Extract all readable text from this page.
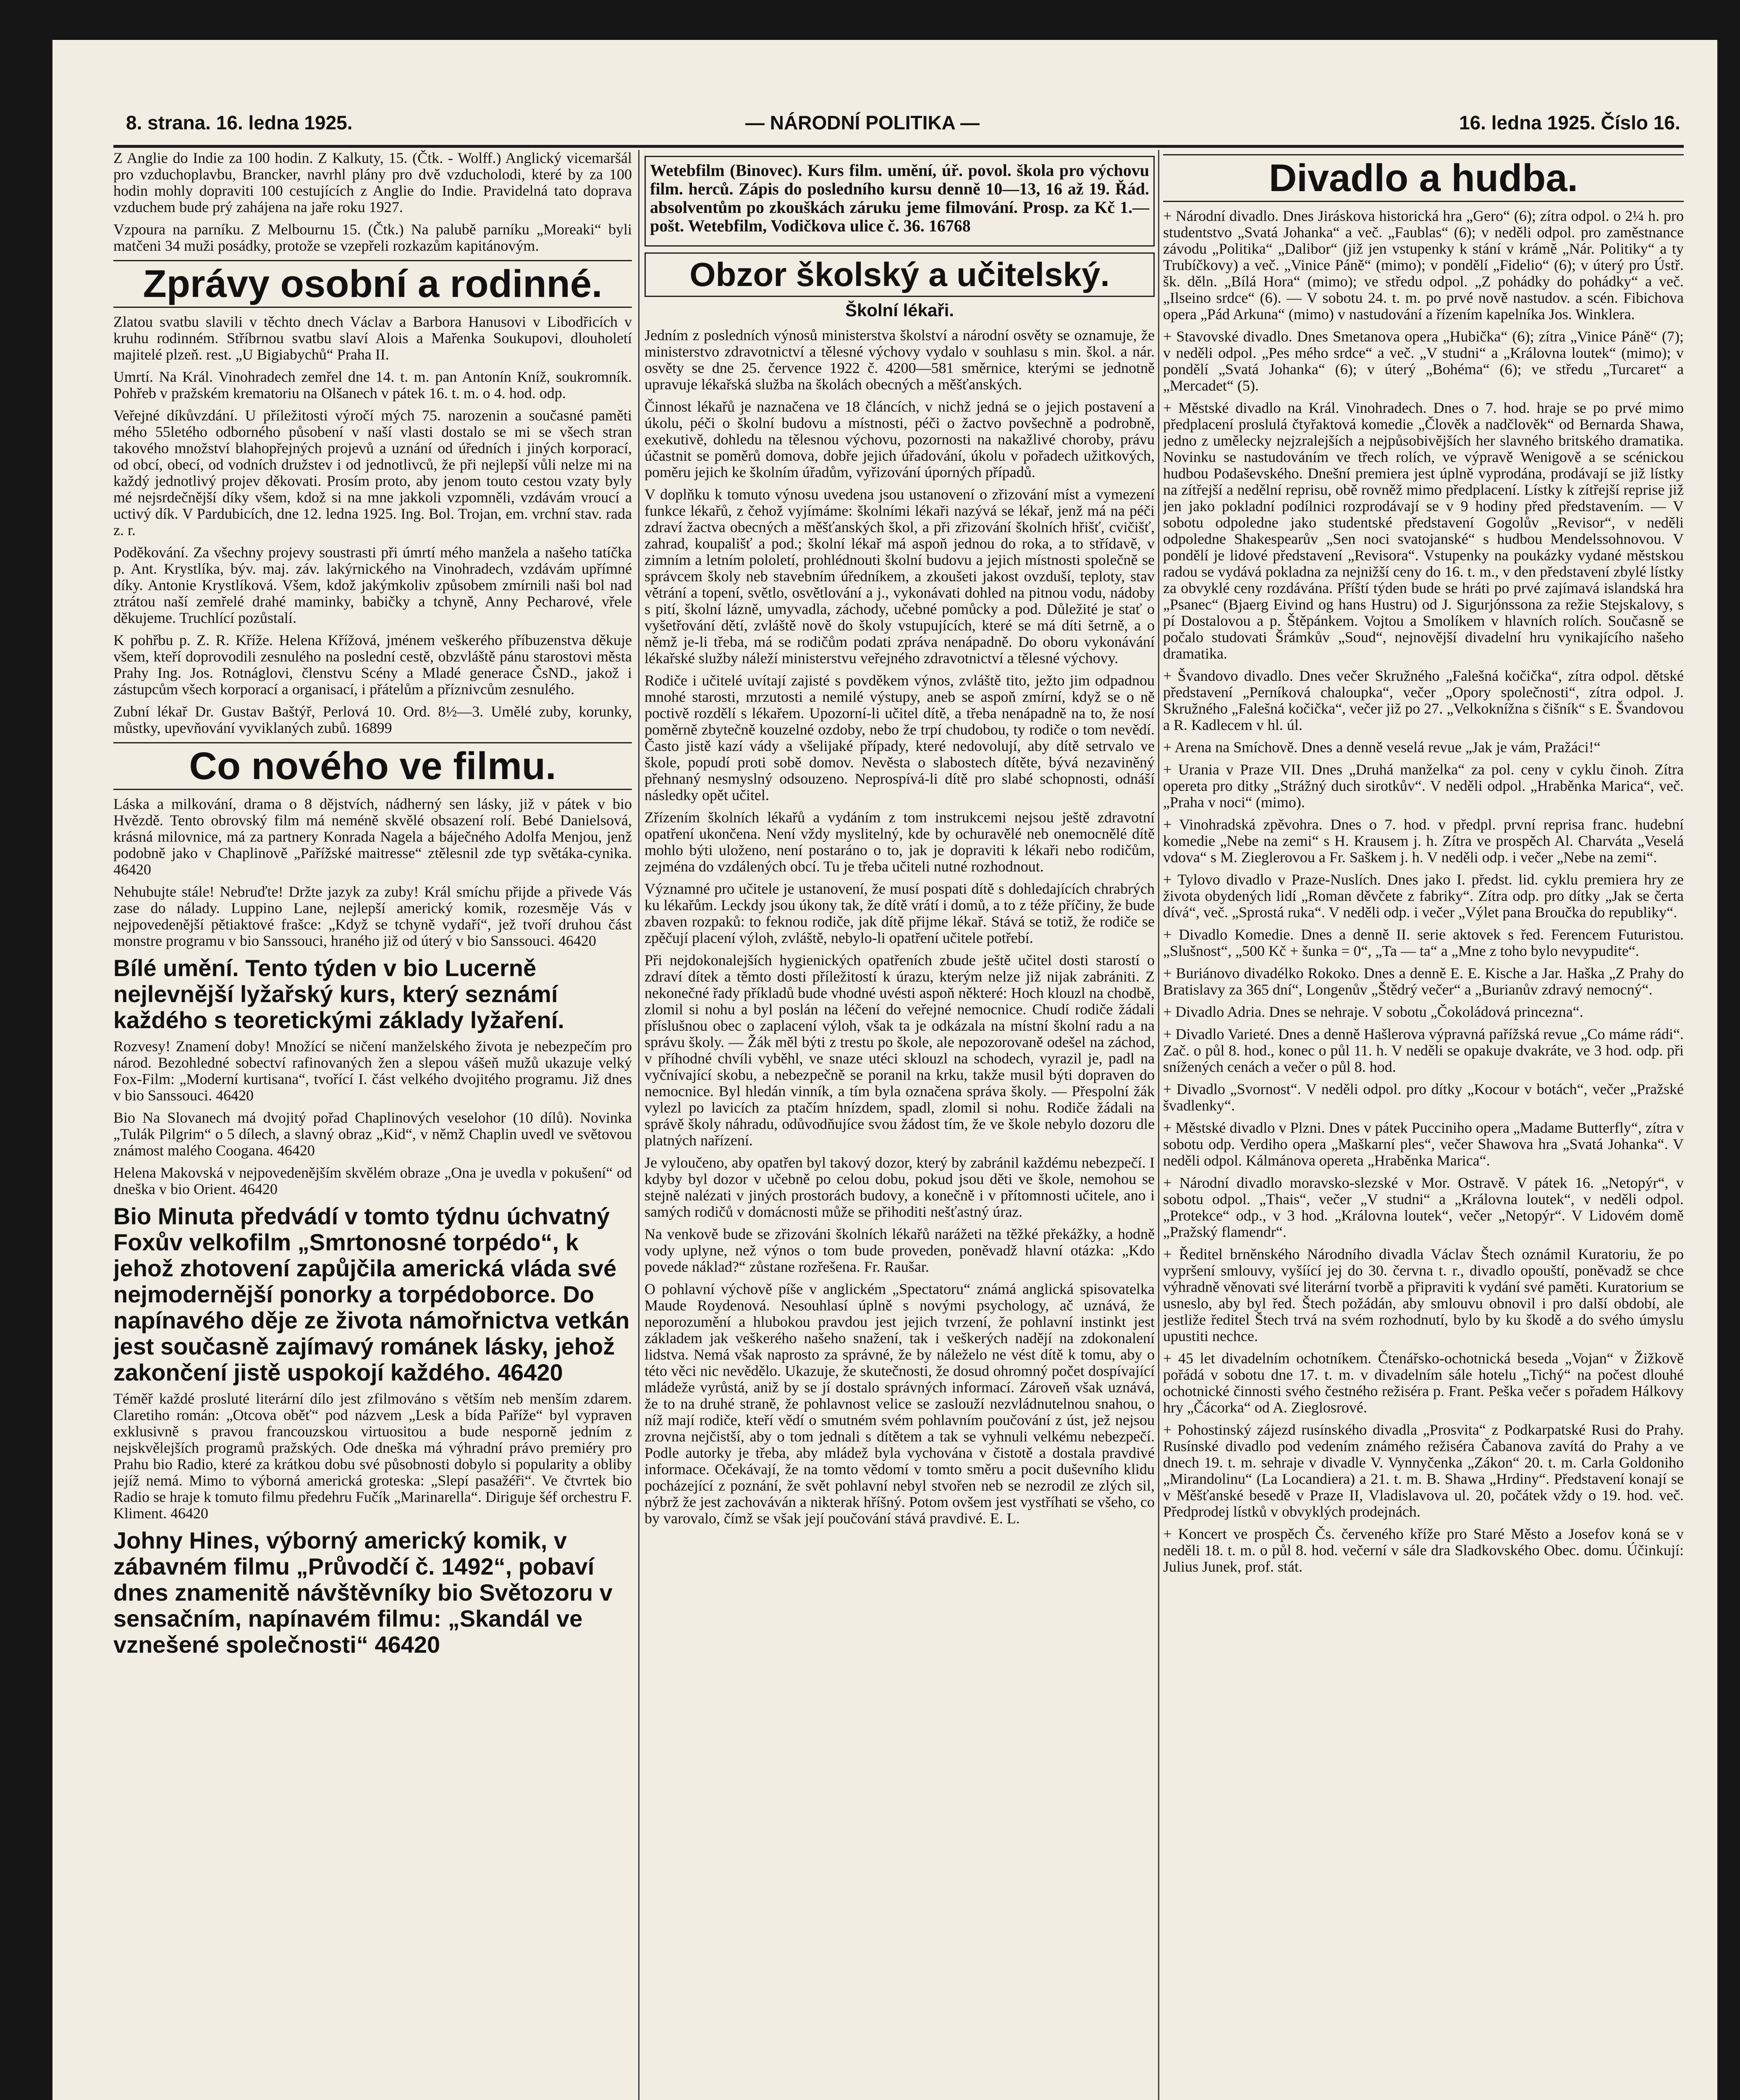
8. strana. 16. ledna 1925.	— NÁRODNÍ POLITIKA —	16. ledna 1925. Číslo 16.

Z Anglie do Indie za 100 hodin. Z Kalkuty, 15. (Čtk. - Wolff.) Anglický vicemaršál pro vzduchoplavbu, Brancker, navrhl plány pro dvě vzducholodi, které by za 100 hodin mohly dopraviti 100 cestujících z Anglie do Indie. Pravidelná tato doprava vzduchem bude prý zahájena na jaře roku 1927.

Vzpoura na parníku. Z Melbournu 15. (Čtk.) Na palubě parníku „Moreaki“ byli matčeni 34 muži posádky, protože se vzepřeli rozkazům kapitánovým.

Zprávy osobní a rodinné.

Zlatou svatbu slavili v těchto dnech Václav a Barbora Hanusovi v Libodřicích v kruhu rodinném. Stříbrnou svatbu slaví Alois a Mařenka Soukupovi, dlouholetí majitelé plzeň. rest. „U Bigiabychů“ Praha II.

Umrtí. Na Král. Vinohradech zemřel dne 14. t. m. pan Antonín Kníž, soukromník. Pohřeb v pražském krematoriu na Olšanech v pátek 16. t. m. o 4. hod. odp.

Veřejné díkůvzdání. U příležitosti výročí mých 75. narozenin a současné paměti mého 55letého odborného působení v naší vlasti dostalo se mi se všech stran takového množství blahopřejných projevů a uznání od úředních i jiných korporací, od obcí, obecí, od vodních družstev i od jednotlivců, že při nejlepší vůli nelze mi na každý jednotlivý projev děkovati. Prosím proto, aby jenom touto cestou vzaty byly mé nejsrdečnější díky všem, kdož si na mne jakkoli vzpomněli, vzdávám vroucí a uctivý dík. V Pardubicích, dne 12. ledna 1925. Ing. Bol. Trojan, em. vrchní stav. rada z. r.

Poděkování. Za všechny projevy soustrasti při úmrtí mého manžela a našeho tatíčka p. Ant. Krystlíka, býv. maj. záv. lakýrnického na Vinohradech, vzdávám upřímné díky. Antonie Krystlíková. Všem, kdož jakýmkoliv způsobem zmírnili naši bol nad ztrátou naší zemřelé drahé maminky, babičky a tchyně, Anny Pecharové, vřele děkujeme. Truchlící pozůstalí.

K pohřbu p. Z. R. Kříže. Helena Křížová, jménem veškerého příbuzenstva děkuje všem, kteří doprovodili zesnulého na poslední cestě, obzvláště pánu starostovi města Prahy Ing. Jos. Rotnáglovi, členstvu Scény a Mladé generace ČsND., jakož i zástupcům všech korporací a organisací, i přátelům a příznivcům zesnulého.

Zubní lékař Dr. Gustav Baštýř, Perlová 10. Ord. 8½—3. Umělé zuby, korunky, můstky, upevňování vyviklaných zubů. 16899

Co nového ve filmu.

Láska a milkování, drama o 8 dějstvích, nádherný sen lásky, již v pátek v bio Hvězdě. Tento obrovský film má neméně skvělé obsazení rolí. Bebé Danielsová, krásná milovnice, má za partnery Konrada Nagela a báječného Adolfa Menjou, jenž podobně jako v Chaplinově „Pařížské maitresse“ ztělesnil zde typ světáka-cynika. 46420

Nehubujte stále! Nebruďte! Držte jazyk za zuby! Král smíchu přijde a přivede Vás zase do nálady. Luppino Lane, nejlepší americký komik, rozesměje Vás v nejpovedenější pětiaktové frašce: „Když se tchyně vydaří“, jež tvoří druhou část monstre programu v bio Sanssouci, hraného již od úterý v bio Sanssouci. 46420

Bílé umění. Tento týden v bio Lucerně nejlevnější lyžařský kurs, který seznámí každého s teoretickými základy lyžaření.

Rozvesy! Znamení doby! Množící se ničení manželského života je nebezpečím pro národ. Bezohledné sobectví rafinovaných žen a slepou vášeň mužů ukazuje velký Fox-Film: „Moderní kurtisana“, tvořící I. část velkého dvojitého programu. Již dnes v bio Sanssouci. 46420

Bio Na Slovanech má dvojitý pořad Chaplinových veselohor (10 dílů). Novinka „Tulák Pilgrim“ o 5 dílech, a slavný obraz „Kid“, v němž Chaplin uvedl ve světovou známost malého Coogana. 46420

Helena Makovská v nejpovedenějším skvělém obraze „Ona je uvedla v pokušení“ od dneška v bio Orient. 46420

Bio Minuta předvádí v tomto týdnu úchvatný Foxův velkofilm „Smrtonosné torpédo“, k jehož zhotovení zapůjčila americká vláda své nejmodernější ponorky a torpédoborce. Do napínavého děje ze života námořnictva vetkán jest současně zajímavý románek lásky, jehož zakončení jistě uspokojí každého. 46420

Téměř každé prosluté literární dílo jest zfilmováno s větším neb menším zdarem. Claretiho román: „Otcova oběť“ pod názvem „Lesk a bída Paříže“ byl vypraven exklusivně s pravou francouzskou virtuositou a bude nesporně jedním z nejskvělejších programů pražských. Ode dneška má výhradní právo premiéry pro Prahu bio Radio, které za krátkou dobu své působnosti dobylo si popularity a obliby jejíž nemá. Mimo to výborná americká groteska: „Slepí pasažéři“. Ve čtvrtek bio Radio se hraje k tomuto filmu předehru Fučík „Marinarella“. Diriguje šéf orchestru F. Kliment. 46420

Johny Hines, výborný americký komik, v zábavném filmu „Průvodčí č. 1492“, pobaví dnes znamenitě návštěvníky bio Světozoru v sensačním, napínavém filmu: „Skandál ve vznešené společnosti“ 46420

Wetebfilm (Binovec). Kurs film. umění, úř. povol. škola pro výchovu film. herců. Zápis do posledního kursu denně 10—13, 16 až 19. Řád. absolventům po zkouškách záruku jeme filmování. Prosp. za Kč 1.— pošt. Wetebfilm, Vodičkova ulice č. 36. 16768

Obzor školský a učitelský.
Školní lékaři.

Jedním z posledních výnosů ministerstva školství a národní osvěty se oznamuje, že ministerstvo zdravotnictví a tělesné výchovy vydalo v souhlasu s min. škol. a nár. osvěty se dne 25. července 1922 č. 4200—581 směrnice, kterými se jednotně upravuje lékařská služba na školách obecných a měšťanských.

Činnost lékařů je naznačena ve 18 článcích, v nichž jedná se o jejich postavení a úkolu, péči o školní budovu a místnosti, péči o žactvo povšechně a podrobně, exekutivě, dohledu na tělesnou výchovu, pozornosti na nakažlivé choroby, právu účastnit se poměrů domova, dobře jejich úřadování, úkolu v pořadech užitkových, poměru jejich ke školním úřadům, vyřizování úporných případů.

V doplňku k tomuto výnosu uvedena jsou ustanovení o zřizování míst a vymezení funkce lékařů, z čehož vyjímáme: školními lékaři nazývá se lékař, jenž má na péči zdraví žactva obecných a měšťanských škol, a při zřizování školních hřišť, cvičišť, zahrad, koupališť a pod.; školní lékař má aspoň jednou do roka, a to střídavě, v zimním a letním pololetí, prohlédnouti školní budovu a jejich místnosti společně se správcem školy neb stavebním úředníkem, a zkoušeti jakost ovzduší, teploty, stav větrání a topení, světlo, osvětlování a j., vykonávati dohled na pitnou vodu, nádoby s pití, školní lázně, umyvadla, záchody, učebné pomůcky a pod. Důležité je stať o vyšetřování dětí, zvláště nově do školy vstupujících, které se má díti šetrně, a o němž je-li třeba, má se rodičům podati zpráva nenápadně. Do oboru vykonávání lékařské služby náleží ministerstvu veřejného zdravotnictví a tělesné výchovy.

Rodiče i učitelé uvítají zajisté s povděkem výnos, zvláště tito, ježto jim odpadnou mnohé starosti, mrzutosti a nemilé výstupy, aneb se aspoň zmírní, když se o ně poctivě rozdělí s lékařem. Upozorní-li učitel dítě, a třeba nenápadně na to, že nosí poměrně zbytečně kouzelné ozdoby, nebo že trpí chudobou, ty rodiče o tom nevědí. Často jistě kazí vády a všelijaké případy, které nedovolují, aby dítě setrvalo ve škole, popudí proti sobě domov. Nevěsta o slabostech dítěte, bývá nezaviněný přehnaný nesmyslný odsouzeno. Neprospívá-li dítě pro slabé schopnosti, odnáší následky opět učitel.

Zřízením školních lékařů a vydáním z tom instrukcemi nejsou ještě zdravotní opatření ukončena. Není vždy myslitelný, kde by ochuravělé neb onemocnělé dítě mohlo býti uloženo, není postaráno o to, jak je dopraviti k lékaři nebo rodičům, zejména do vzdálených obcí. Tu je třeba učiteli nutné rozhodnout.

Významné pro učitele je ustanovení, že musí pospati dítě s dohledajících chrabrých ku lékařům. Leckdy jsou úkony tak, že dítě vrátí i domů, a to z téže příčiny, že bude zbaven rozpaků: to feknou rodiče, jak dítě přijme lékař. Stává se totiž, že rodiče se zpěčují placení výloh, zvláště, nebylo-li opatření učitele potřebí.

Při nejdokonalejších hygienických opatřeních zbude ještě učitel dosti starostí o zdraví dítek a těmto dosti příležitostí k úrazu, kterým nelze již nijak zabrániti. Z nekonečné řady příkladů bude vhodné uvésti aspoň některé: Hoch klouzl na chodbě, zlomil si nohu a byl poslán na léčení do veřejné nemocnice. Chudí rodiče žádali příslušnou obec o zaplacení výloh, však ta je odkázala na místní školní radu a na správu školy. — Žák měl býti z trestu po škole, ale nepozorovaně odešel na záchod, v příhodné chvíli vyběhl, ve snaze utéci sklouzl na schodech, vyrazil je, padl na vyčnívající skobu, a nebezpečně se poranil na krku, takže musil býti dopraven do nemocnice. Byl hledán vinník, a tím byla označena správa školy. — Přespolní žák vylezl po lavicích za ptačím hnízdem, spadl, zlomil si nohu. Rodiče žádali na správě školy náhradu, odůvodňujíce svou žádost tím, že ve škole nebylo dozoru dle platných nařízení.

Je vyloučeno, aby opatřen byl takový dozor, který by zabránil každému nebezpečí. I kdyby byl dozor v učebně po celou dobu, pokud jsou děti ve škole, nemohou se stejně nalézati v jiných prostorách budovy, a konečně i v přítomnosti učitele, ano i samých rodičů v domácnosti může se přihoditi nešťastný úraz.

Na venkově bude se zřizováni školních lékařů narážeti na těžké překážky, a hodně vody uplyne, než výnos o tom bude proveden, poněvadž hlavní otázka: „Kdo povede náklad?“ zůstane rozřešena. Fr. Raušar.

O pohlavní výchově píše v anglickém „Spectatoru“ známá anglická spisovatelka Maude Roydenová. Nesouhlasí úplně s novými psychology, ač uznává, že neporozumění a hlubokou pravdou jest jejich tvrzení, že pohlavní instinkt jest základem jak veškerého našeho snažení, tak i veškerých nadějí na zdokonalení lidstva. Nemá však naprosto za správné, že by náleželo ne vést dítě k tomu, aby o této věci nic nevědělo. Ukazuje, že skutečnosti, že dosud ohromný počet dospívající mládeže vyrůstá, aniž by se jí dostalo správných informací. Zároveň však uznává, že to na druhé straně, že pohlavnost velice se zaslouží nezvládnutelnou snahou, o níž mají rodiče, kteří vědí o smutném svém pohlavním poučování z úst, jež nejsou zrovna nejčistší, aby o tom jednali s dítětem a tak se vyhnuli velkému nebezpečí. Podle autorky je třeba, aby mládež byla vychována v čistotě a dostala pravdivé informace. Očekávají, že na tomto vědomí v tomto směru a pocit duševního klidu pocházející z poznání, že svět pohlavní nebyl stvořen neb se nezrodil ze zlých sil, nýbrž že jest zachováván a nikterak hříšný. Potom ovšem jest vystříhati se všeho, co by varovalo, čímž se však její poučování stává pravdivé. E. L.

Divadlo a hudba.

+ Národní divadlo. Dnes Jiráskova historická hra „Gero“ (6); zítra odpol. o 2¼ h. pro studentstvo „Svatá Johanka“ a več. „Faublas“ (6); v neděli odpol. pro zaměstnance závodu „Politika“ „Dalibor“ (již jen vstupenky k stání v krámě „Nár. Politiky“ a ty Trubíčkovy) a več. „Vinice Páně“ (mimo); v pondělí „Fidelio“ (6); v úterý pro Ústř. šk. děln. „Bílá Hora“ (mimo); ve středu odpol. „Z pohádky do pohádky“ a več. „Ilseino srdce“ (6). — V sobotu 24. t. m. po prvé nově nastudov. a scén. Fibichova opera „Pád Arkuna“ (mimo) v nastudování a řízením kapelníka Jos. Winklera.

+ Stavovské divadlo. Dnes Smetanova opera „Hubička“ (6); zítra „Vinice Páně“ (7); v neděli odpol. „Pes mého srdce“ a več. „V studni“ a „Královna loutek“ (mimo); v pondělí „Svatá Johanka“ (6); v úterý „Bohéma“ (6); ve středu „Turcaret“ a „Mercadet“ (5).

+ Městské divadlo na Král. Vinohradech. Dnes o 7. hod. hraje se po prvé mimo předplacení proslulá čtyřaktová komedie „Člověk a nadčlověk“ od Bernarda Shawa, jedno z umělecky nejzralejších a nejpůsobivějších her slavného britského dramatika. Novinku se nastudováním ve třech rolích, ve výpravě Wenigově a se scénickou hudbou Podaševského. Dnešní premiera jest úplně vyprodána, prodávají se již lístky na zítřejší a nedělní reprisu, obě rovněž mimo předplacení. Lístky k zítřejší reprise již jen jako pokladní podílnici rozprodávají se v 9 hodiny před představením. — V sobotu odpoledne jako studentské představení Gogolův „Revisor“, v neděli odpoledne Shakespearův „Sen noci svatojanské“ s hudbou Mendelssohnovou. V pondělí je lidové představení „Revisora“. Vstupenky na poukázky vydané městskou radou se vydává pokladna za nejnižší ceny do 16. t. m., v den představení zbylé lístky za obvyklé ceny rozdávána. Příští týden bude se hráti po prvé zajímavá islandská hra „Psanec“ (Bjaerg Eivind og hans Hustru) od J. Sigurjónssona za režie Stejskalovy, s pí Dostalovou a p. Štěpánkem. Vojtou a Smolíkem v hlavních rolích. Současně se počalo studovati Šrámkův „Soud“, nejnovější divadelní hru vynikajícího našeho dramatika.

+ Švandovo divadlo. Dnes večer Skružného „Falešná kočička“, zítra odpol. dětské představení „Perníková chaloupka“, večer „Opory společnosti“, zítra odpol. J. Skružného „Falešná kočička“, večer již po 27. „Velkoknížna s čišník“ s E. Švandovou a R. Kadlecem v hl. úl.

+ Arena na Smíchově. Dnes a denně veselá revue „Jak je vám, Pražáci!“

+ Urania v Praze VII. Dnes „Druhá manželka“ za pol. ceny v cyklu činoh. Zítra opereta pro ditky „Strážný duch sirotkův“. V neděli odpol. „Hraběnka Marica“, več. „Praha v noci“ (mimo).

+ Vinohradská zpěvohra. Dnes o 7. hod. v předpl. první reprisa franc. hudební komedie „Nebe na zemi“ s H. Krausem j. h. Zítra ve prospěch Al. Charváta „Veselá vdova“ s M. Zieglerovou a Fr. Saškem j. h. V neděli odp. i večer „Nebe na zemi“.

+ Tylovo divadlo v Praze-Nuslích. Dnes jako I. předst. lid. cyklu premiera hry ze života obydených lidí „Roman děvčete z fabriky“. Zítra odp. pro dítky „Jak se čerta dívá“, več. „Sprostá ruka“. V neděli odp. i večer „Výlet pana Broučka do republiky“.

+ Divadlo Komedie. Dnes a denně II. serie aktovek s řed. Ferencem Futuristou. „Slušnost“, „500 Kč + šunka = 0“, „Ta — ta“ a „Mne z toho bylo nevypudite“.

+ Buriánovo divadélko Rokoko. Dnes a denně E. E. Kische a Jar. Haška „Z Prahy do Bratislavy za 365 dní“, Longenův „Štědrý večer“ a „Burianův zdravý nemocný“.

+ Divadlo Adria. Dnes se nehraje. V sobotu „Čokoládová princezna“.

+ Divadlo Varieté. Dnes a denně Hašlerova výpravná pařížská revue „Co máme rádi“. Zač. o půl 8. hod., konec o půl 11. h. V neděli se opakuje dvakráte, ve 3 hod. odp. při snížených cenách a večer o půl 8. hod.

+ Divadlo „Svornost“. V neděli odpol. pro dítky „Kocour v botách“, večer „Pražské švadlenky“.

+ Městské divadlo v Plzni. Dnes v pátek Pucciniho opera „Madame Butterfly“, zítra v sobotu odp. Verdiho opera „Maškarní ples“, večer Shawova hra „Svatá Johanka“. V neděli odpol. Kálmánova opereta „Hraběnka Marica“.

+ Národní divadlo moravsko-slezské v Mor. Ostravě. V pátek 16. „Netopýr“, v sobotu odpol. „Thais“, večer „V studni“ a „Královna loutek“, v neděli odpol. „Protekce“ odp., v 3 hod. „Královna loutek“, večer „Netopýr“. V Lidovém domě „Pražský flamendr“.

+ Ředitel brněnského Národního divadla Václav Štech oznámil Kuratoriu, že po vypršení smlouvy, vyšíící jej do 30. června t. r., divadlo opouští, poněvadž se chce výhradně věnovati své literární tvorbě a připraviti k vydání své paměti. Kuratorium se usneslo, aby byl řed. Štech požádán, aby smlouvu obnovil i pro další období, ale jestliže ředitel Štech trvá na svém rozhodnutí, bylo by ku škodě a do svého úmyslu upustiti nechce.

+ 45 let divadelním ochotníkem. Čtenářsko-ochotnická beseda „Vojan“ v Žižkově pořádá v sobotu dne 17. t. m. v divadelním sále hotelu „Tichý“ na počest dlouhé ochotnické činnosti svého čestného režiséra p. Frant. Peška večer s pořadem Hálkovy hry „Čácorka“ od A. Zieglosrové.

+ Pohostinský zájezd rusínského divadla „Prosvita“ z Podkarpatské Rusi do Prahy. Rusínské divadlo pod vedením známého režiséra Čabanova zavítá do Prahy a ve dnech 19. t. m. sehraje v divadle V. Vynnyčenka „Zákon“ 20. t. m. Carla Goldoniho „Mirandolinu“ (La Locandiera) a 21. t. m. B. Shawa „Hrdiny“. Představení konají se v Měšťanské besedě v Praze II, Vladislavova ul. 20, počátek vždy o 19. hod. več. Předprodej lístků v obvyklých prodejnách.

+ Koncert ve prospěch Čs. červeného kříže pro Staré Město a Josefov koná se v neděli 18. t. m. o půl 8. hod. večerní v sále dra Sladkovského Obec. domu. Účinkují: Julius Junek, prof. stát.
